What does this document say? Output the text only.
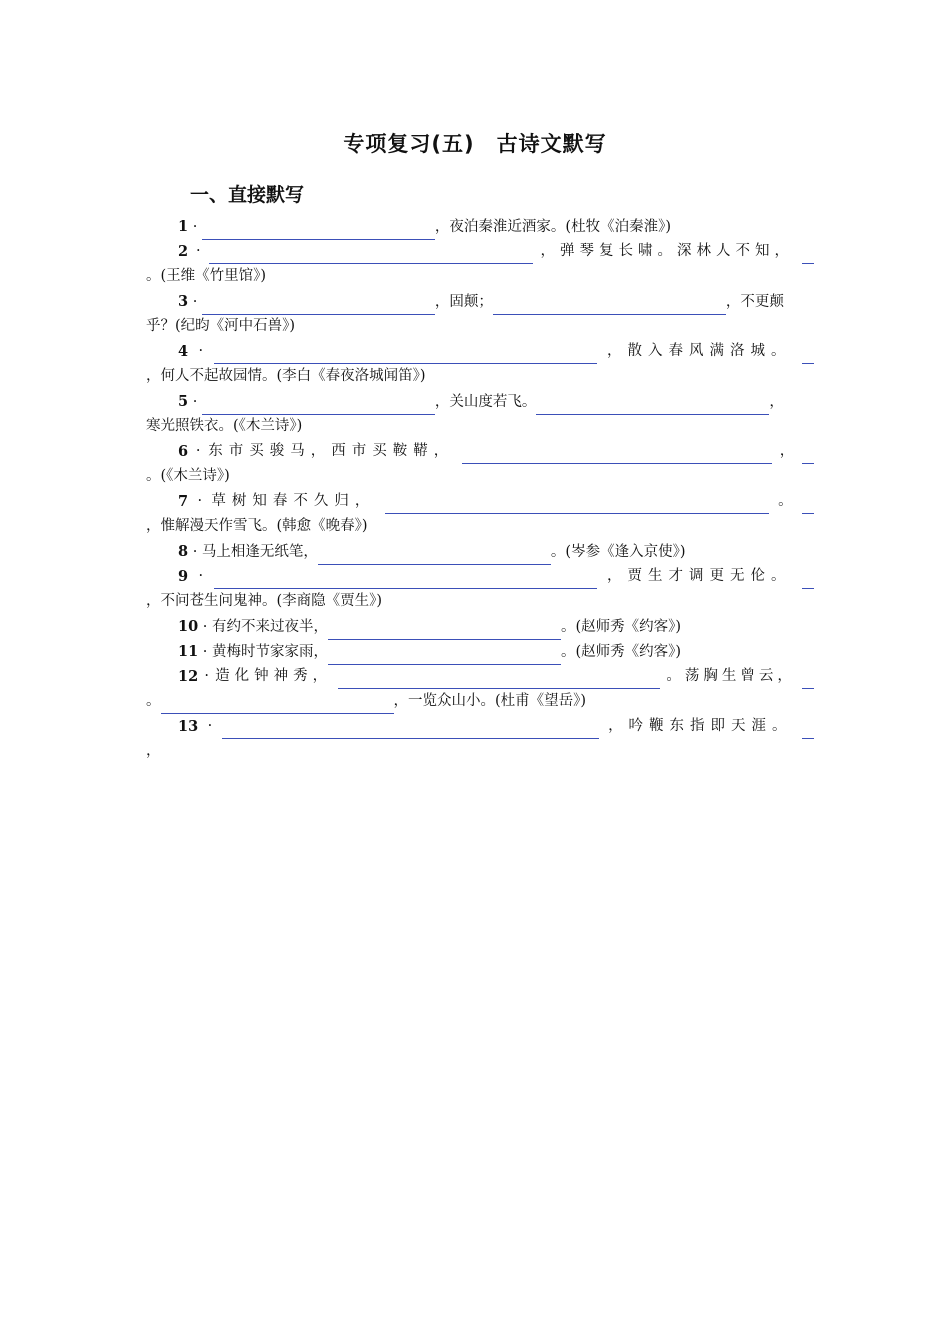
专项复习(五)　古诗文默写
一、直接默写
1 ·	，夜泊秦淮近酒家。(杜牧《泊秦淮》)
2 ·	，弹琴复长啸。深林人不知，
。(王维《竹里馆》)
3 ·	，固颠；	，不更颠
乎？(纪昀《河中石兽》)
4 ·	，散入春风满洛城。
，何人不起故园情。(李白《春夜洛城闻笛》)
5 ·	，关山度若飞。	，
寒光照铁衣。(《木兰诗》)
6 · 东市买骏马，西市买鞍鞯，	，
。(《木兰诗》)
7 · 草树知春不久归，	。
，惟解漫天作雪飞。(韩愈《晚春》)
8 · 马上相逢无纸笔，	。(岑参《逢入京使》)
9 ·	，贾生才调更无伦。
，不问苍生问鬼神。(李商隐《贾生》)
10 · 有约不来过夜半，	。(赵师秀《约客》)
11 · 黄梅时节家家雨，	。(赵师秀《约客》)
12 · 造化钟神秀，	。荡胸生曾云，
。	，一览众山小。(杜甫《望岳》)
13 ·	，吟鞭东指即天涯。
，
